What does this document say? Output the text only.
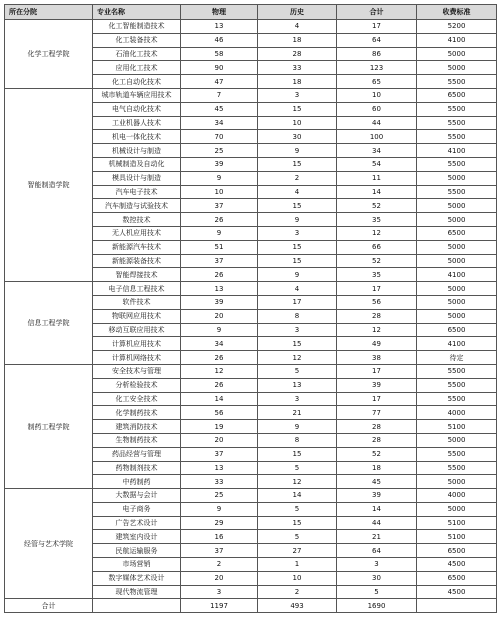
所在分院	专业名称	物理	历史	合计	收费标准
化学工程学院	化工智能制造技术	13	4	17	5200
	化工装备技术	46	18	64	4100
	石油化工技术	58	28	86	5000
	应用化工技术	90	33	123	5000
	化工自动化技术	47	18	65	5500
智能制造学院	城市轨道车辆应用技术	7	3	10	6500
	电气自动化技术	45	15	60	5500
	工业机器人技术	34	10	44	5500
	机电一体化技术	70	30	100	5500
	机械设计与制造	25	9	34	4100
	机械制造及自动化	39	15	54	5500
	模具设计与制造	9	2	11	5000
	汽车电子技术	10	4	14	5500
	汽车制造与试验技术	37	15	52	5000
	数控技术	26	9	35	5000
	无人机应用技术	9	3	12	6500
	新能源汽车技术	51	15	66	5000
	新能源装备技术	37	15	52	5000
	智能焊接技术	26	9	35	4100
信息工程学院	电子信息工程技术	13	4	17	5000
	软件技术	39	17	56	5000
	物联网应用技术	20	8	28	5000
	移动互联应用技术	9	3	12	6500
	计算机应用技术	34	15	49	4100
	计算机网络技术	26	12	38	待定
制药工程学院	安全技术与管理	12	5	17	5500
	分析检验技术	26	13	39	5500
	化工安全技术	14	3	17	5500
	化学制药技术	56	21	77	4000
	建筑消防技术	19	9	28	5100
	生物制药技术	20	8	28	5000
	药品经营与管理	37	15	52	5500
	药物制剂技术	13	5	18	5500
	中药制药	33	12	45	5000
经管与艺术学院	大数据与会计	25	14	39	4000
	电子商务	9	5	14	5000
	广告艺术设计	29	15	44	5100
	建筑室内设计	16	5	21	5100
	民航运输服务	37	27	64	6500
	市场营销	2	1	3	4500
	数字媒体艺术设计	20	10	30	6500
	现代物流管理	3	2	5	4500
合计		1197	493	1690	
